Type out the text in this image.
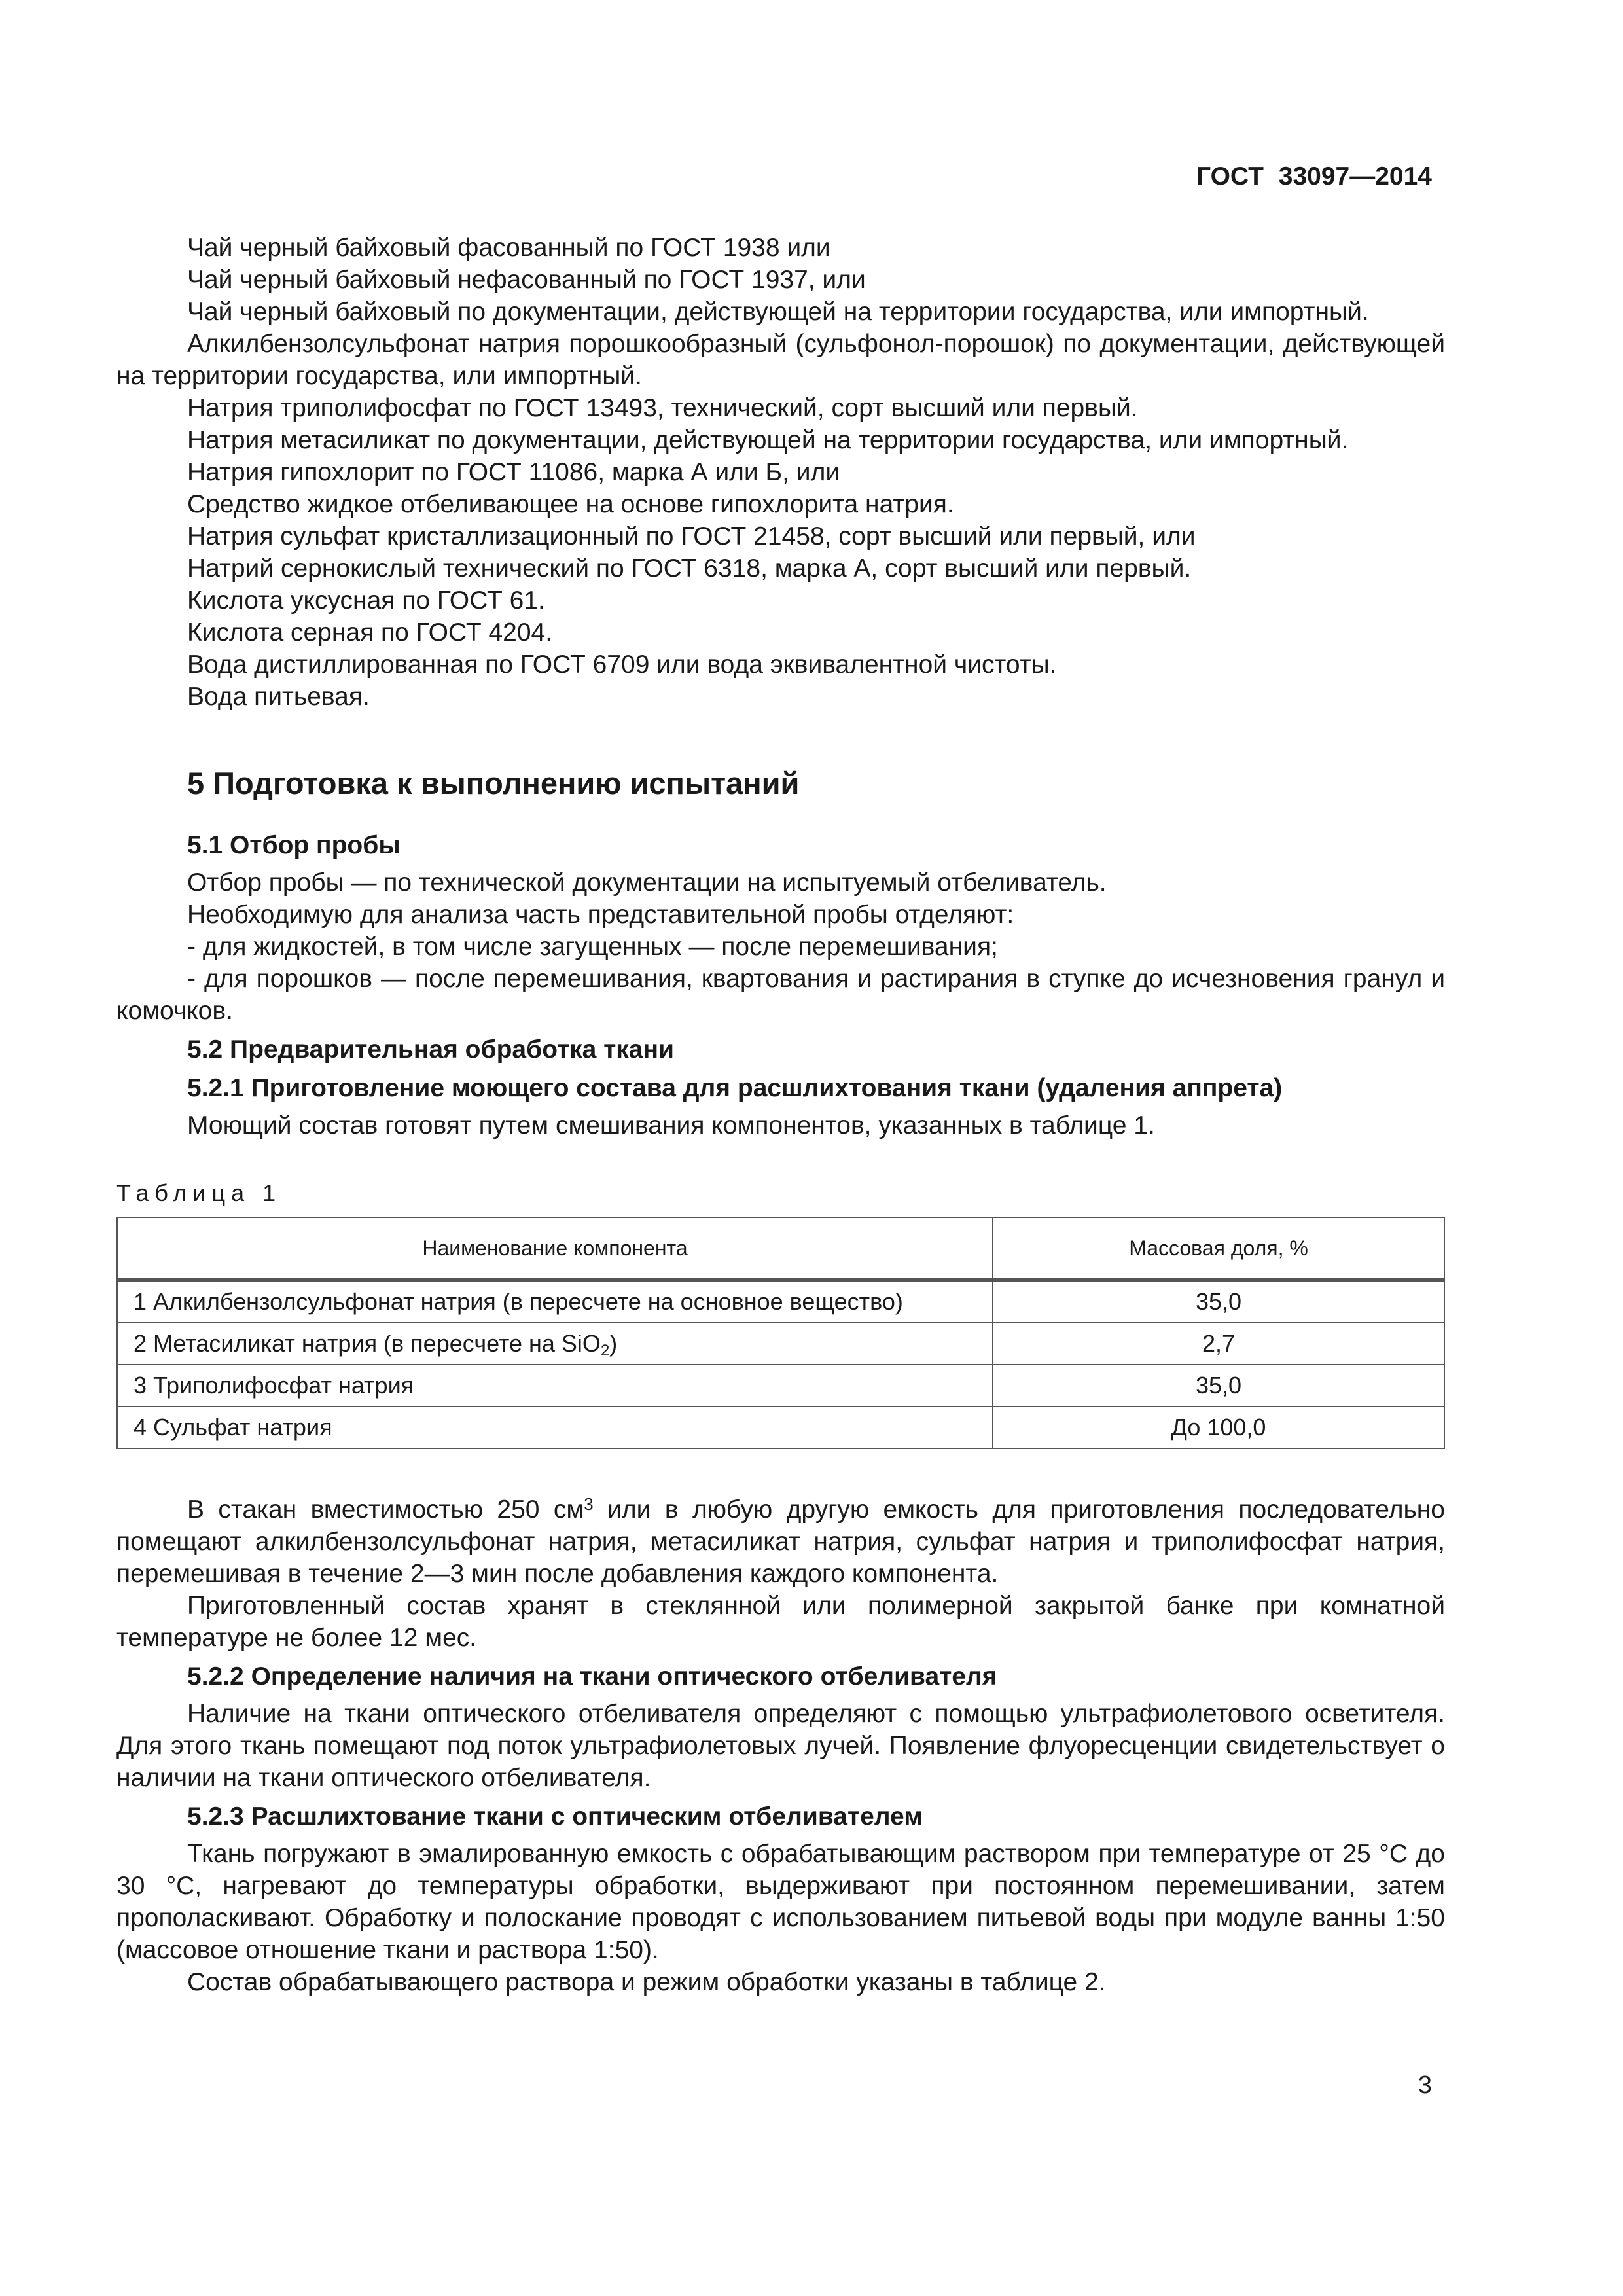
ГОСТ 33097—2014

Чай черный байховый фасованный по ГОСТ 1938 или

Чай черный байховый нефасованный по ГОСТ 1937, или

Чай черный байховый по документации, действующей на территории государства, или импортный.

Алкилбензолсульфонат натрия порошкообразный (сульфонол-порошок) по документации, действующей на территории государства, или импортный.

Натрия триполифосфат по ГОСТ 13493, технический, сорт высший или первый.

Натрия метасиликат по документации, действующей на территории государства, или импортный.

Натрия гипохлорит по ГОСТ 11086, марка А или Б, или

Средство жидкое отбеливающее на основе гипохлорита натрия.

Натрия сульфат кристаллизационный по ГОСТ 21458, сорт высший или первый, или

Натрий сернокислый технический по ГОСТ 6318, марка А, сорт высший или первый.

Кислота уксусная по ГОСТ 61.

Кислота серная по ГОСТ 4204.

Вода дистиллированная по ГОСТ 6709 или вода эквивалентной чистоты.

Вода питьевая.

5 Подготовка к выполнению испытаний

5.1 Отбор пробы

Отбор пробы — по технической документации на испытуемый отбеливатель.

Необходимую для анализа часть представительной пробы отделяют:

- для жидкостей, в том числе загущенных — после перемешивания;

- для порошков — после перемешивания, квартования и растирания в ступке до исчезновения гранул и комочков.

5.2 Предварительная обработка ткани

5.2.1 Приготовление моющего состава для расшлихтования ткани (удаления аппрета)

Моющий состав готовят путем смешивания компонентов, указанных в таблице 1.

Таблица 1

Наименование компонента	Массовая доля, %
1 Алкилбензолсульфонат натрия (в пересчете на основное вещество)	35,0
2 Метасиликат натрия (в пересчете на SiO$_2$)	2,7
3 Триполифосфат натрия	35,0
4 Сульфат натрия	До 100,0

В стакан вместимостью 250 $см^3$ или в любую другую емкость для приготовления последовательно помещают алкилбензолсульфонат натрия, метасиликат натрия, сульфат натрия и триполифосфат натрия, перемешивая в течение 2—3 мин после добавления каждого компонента.

Приготовленный состав хранят в стеклянной или полимерной закрытой банке при комнатной температуре не более 12 мес.

5.2.2 Определение наличия на ткани оптического отбеливателя

Наличие на ткани оптического отбеливателя определяют с помощью ультрафиолетового осветителя. Для этого ткань помещают под поток ультрафиолетовых лучей. Появление флуоресценции свидетельствует о наличии на ткани оптического отбеливателя.

5.2.3 Расшлихтование ткани с оптическим отбеливателем

Ткань погружают в эмалированную емкость с обрабатывающим раствором при температуре от 25 °С до 30 °С, нагревают до температуры обработки, выдерживают при постоянном перемешивании, затем прополаскивают. Обработку и полоскание проводят с использованием питьевой воды при модуле ванны 1:50 (массовое отношение ткани и раствора 1:50).

Состав обрабатывающего раствора и режим обработки указаны в таблице 2.

3
